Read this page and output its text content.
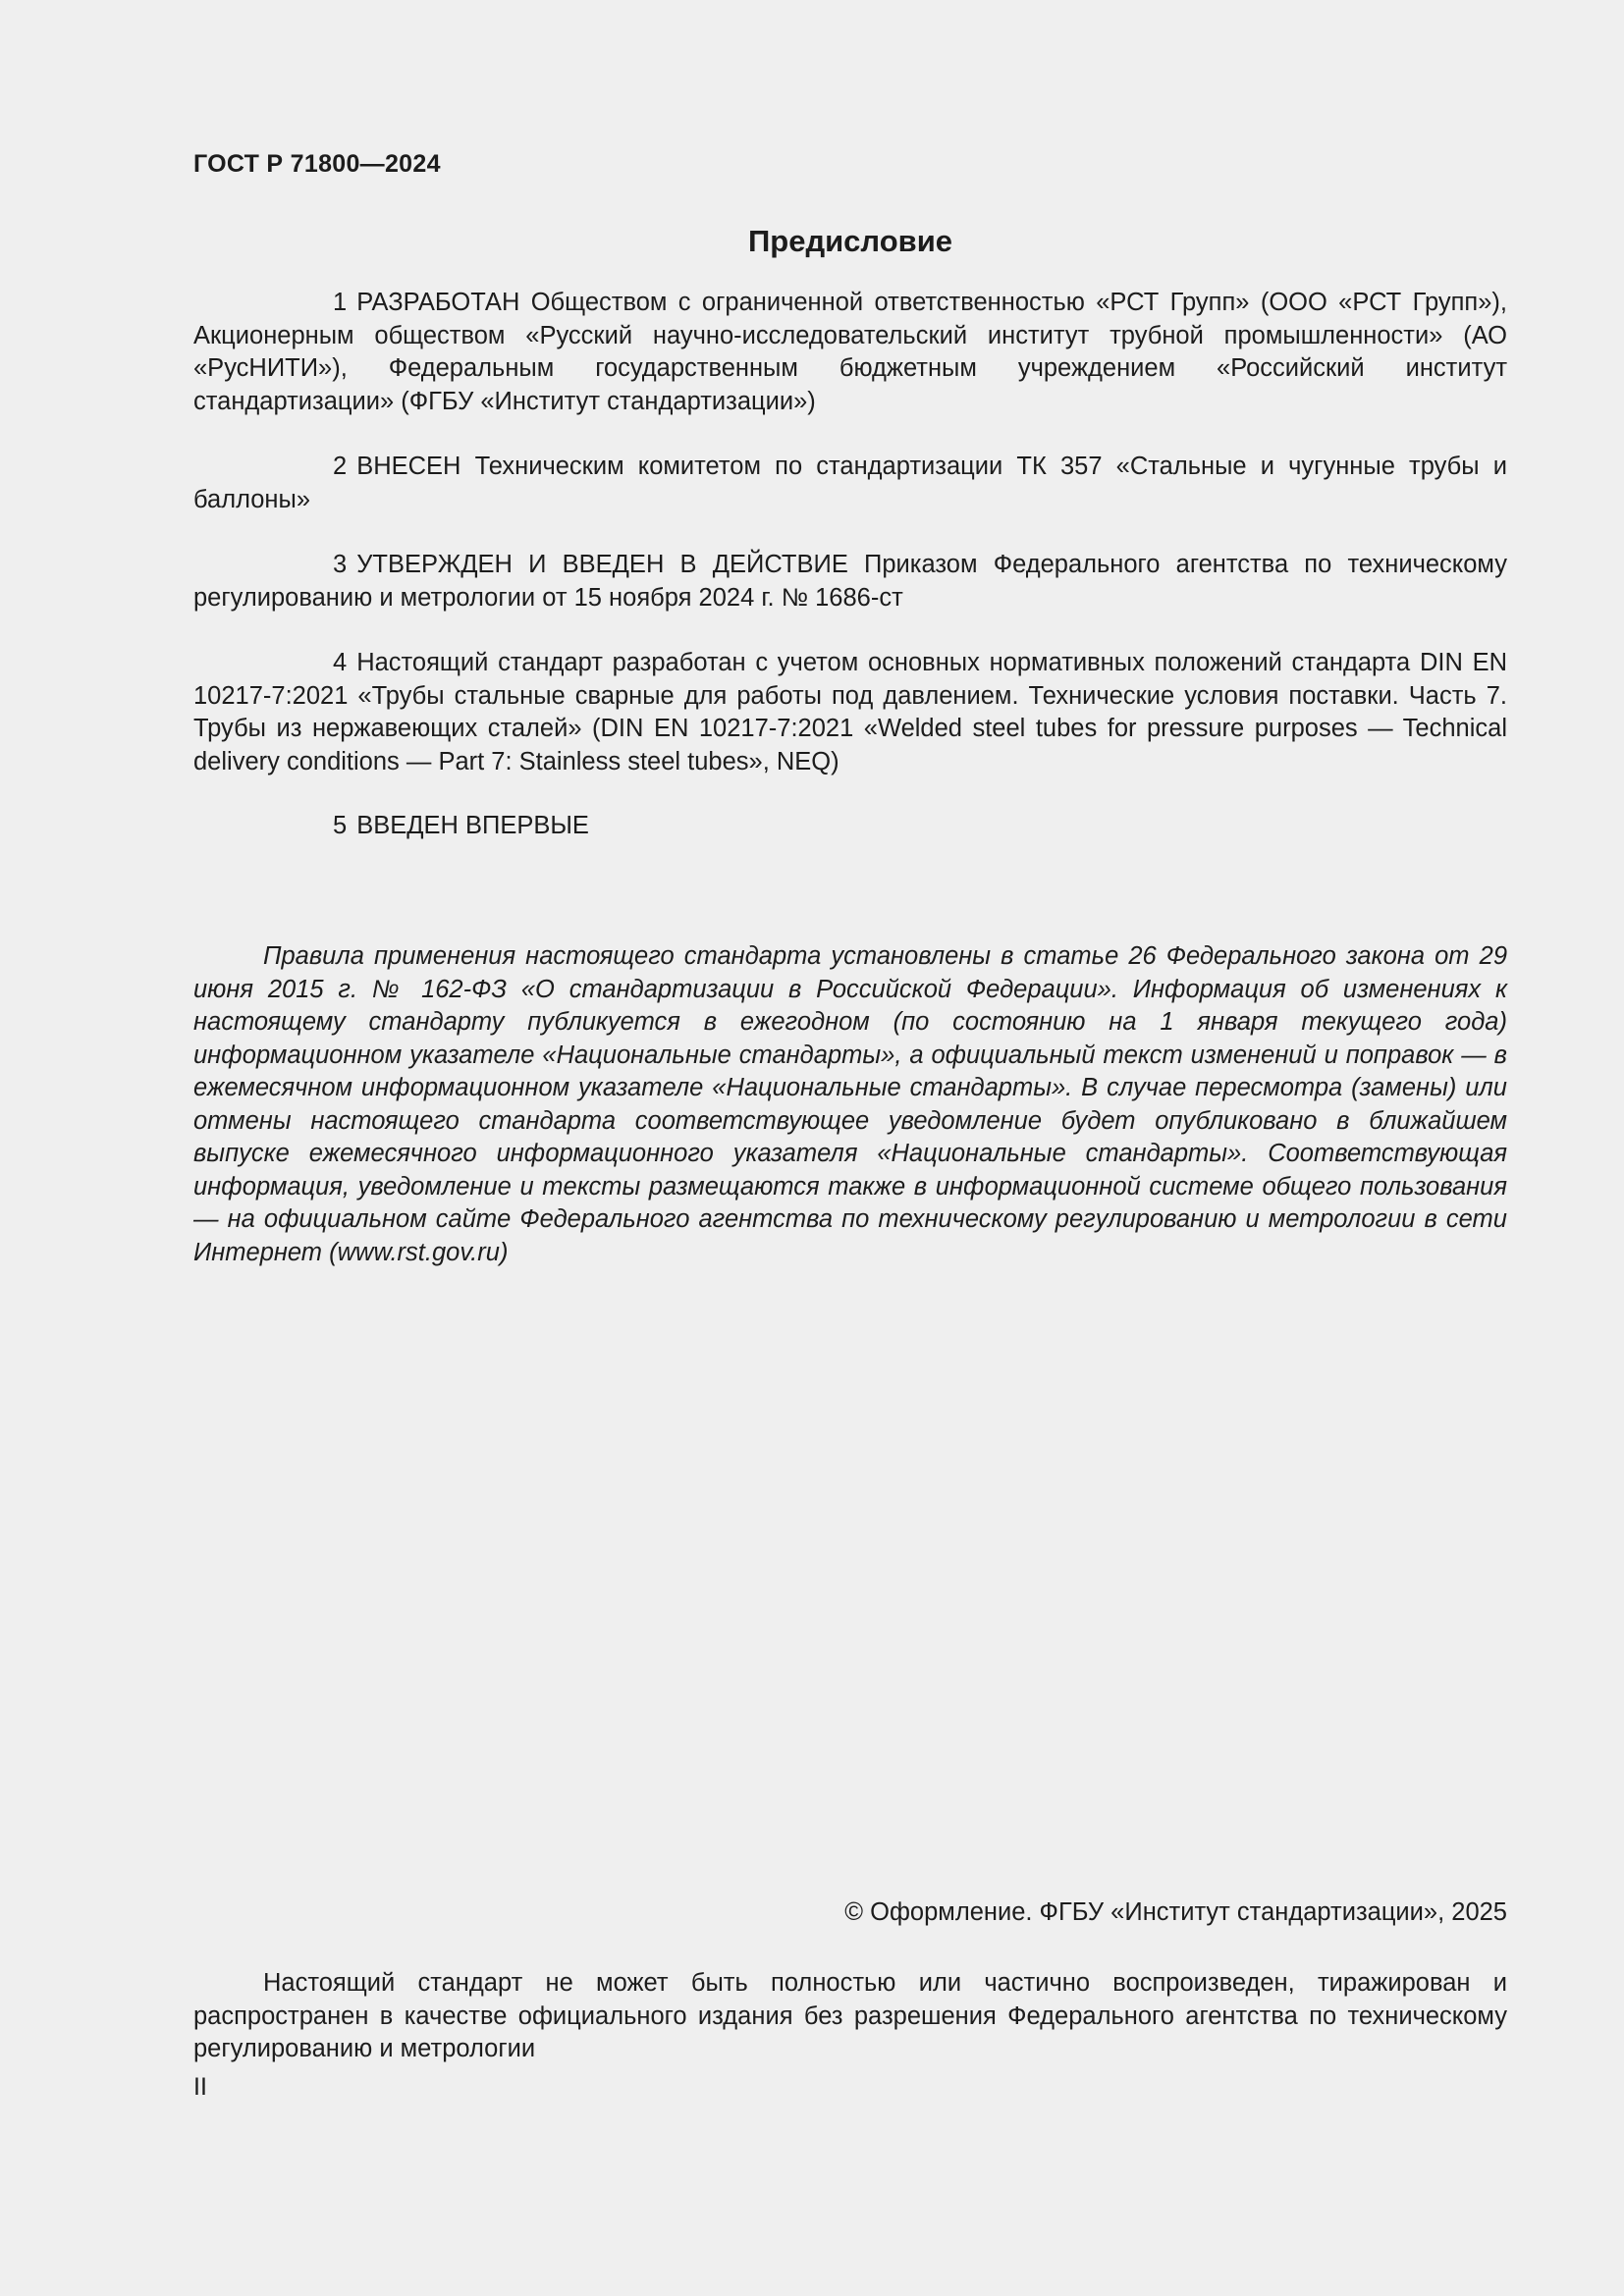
ГОСТ Р 71800—2024
Предисловие

1 РАЗРАБОТАН Обществом с ограниченной ответственностью «РСТ Групп» (ООО «РСТ Групп»), Акционерным обществом «Русский научно-исследовательский институт трубной промышленности» (АО «РусНИТИ»), Федеральным государственным бюджетным учреждением «Российский институт стандартизации» (ФГБУ «Институт стандартизации»)

2 ВНЕСЕН Техническим комитетом по стандартизации ТК 357 «Стальные и чугунные трубы и баллоны»

3 УТВЕРЖДЕН И ВВЕДЕН В ДЕЙСТВИЕ Приказом Федерального агентства по техническому регулированию и метрологии от 15 ноября 2024 г. № 1686-ст

4 Настоящий стандарт разработан с учетом основных нормативных положений стандарта DIN EN 10217-7:2021 «Трубы стальные сварные для работы под давлением. Технические условия поставки. Часть 7. Трубы из нержавеющих сталей» (DIN EN 10217-7:2021 «Welded steel tubes for pressure purposes — Technical delivery conditions — Part 7: Stainless steel tubes», NEQ)

5 ВВЕДЕН ВПЕРВЫЕ

Правила применения настоящего стандарта установлены в статье 26 Федерального закона от 29 июня 2015 г. № 162-ФЗ «О стандартизации в Российской Федерации». Информация об изменениях к настоящему стандарту публикуется в ежегодном (по состоянию на 1 января текущего года) информационном указателе «Национальные стандарты», а официальный текст изменений и поправок — в ежемесячном информационном указателе «Национальные стандарты». В случае пересмотра (замены) или отмены настоящего стандарта соответствующее уведомление будет опубликовано в ближайшем выпуске ежемесячного информационного указателя «Национальные стандарты». Соответствующая информация, уведомление и тексты размещаются также в информационной системе общего пользования — на официальном сайте Федерального агентства по техническому регулированию и метрологии в сети Интернет (www.rst.gov.ru)

© Оформление. ФГБУ «Институт стандартизации», 2025

Настоящий стандарт не может быть полностью или частично воспроизведен, тиражирован и распространен в качестве официального издания без разрешения Федерального агентства по техническому регулированию и метрологии

II
